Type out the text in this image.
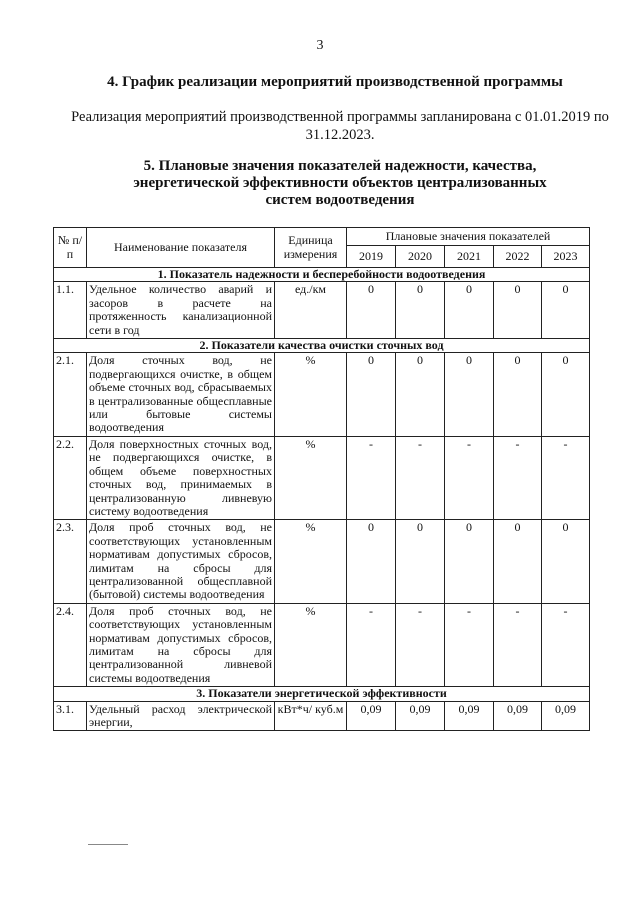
3
4. График реализации мероприятий производственной программы
Реализация мероприятий производственной программы запланирована с 01.01.2019 по 31.12.2023.
5. Плановые значения показателей надежности, качества,
энергетической эффективности объектов централизованных
систем водоотведения
№ п/п	Наименование показателя	Единица измерения	Плановые значения показателей				
			2019	2020	2021	2022	2023
1. Показатель надежности и бесперебойности водоотведения							
1.1.	Удельное количество аварий и засоров в расчете на протяженность канализационной сети в год	ед./км	0	0	0	0	0
2. Показатели качества очистки сточных вод							
2.1.	Доля сточных вод, не подвергающихся очистке, в общем объеме сточных вод, сбрасываемых в централизованные общесплавные или бытовые системы водоотведения	%	0	0	0	0	0
2.2.	Доля поверхностных сточных вод, не подвергающихся очистке, в общем объеме поверхностных сточных вод, принимаемых в централизованную ливневую систему водоотведения	%	-	-	-	-	-
2.3.	Доля проб сточных вод, не соответствующих установленным нормативам допустимых сбросов, лимитам на сбросы для централизованной общесплавной (бытовой) системы водоотведения	%	0	0	0	0	0
2.4.	Доля проб сточных вод, не соответствующих установленным нормативам допустимых сбросов, лимитам на сбросы для централизованной ливневой системы водоотведения	%	-	-	-	-	-
3. Показатели энергетической эффективности							
3.1.	Удельный расход электрической энергии,	кВт*ч/ куб.м	0,09	0,09	0,09	0,09	0,09
